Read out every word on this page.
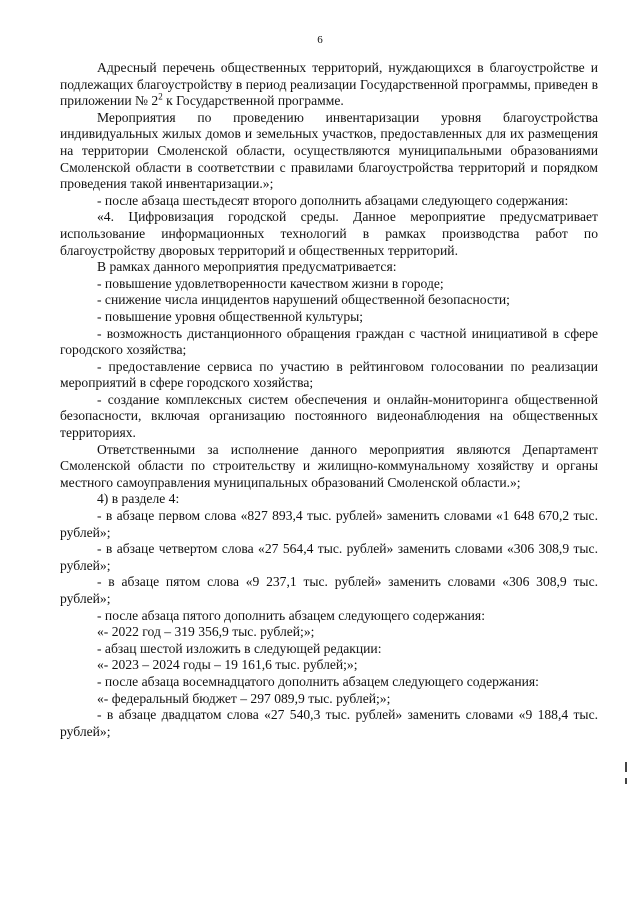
6

Адресный перечень общественных территорий, нуждающихся в благоустройстве и подлежащих благоустройству в период реализации Государственной программы, приведен в приложении № $2^2$ к Государственной программе.

Мероприятия по проведению инвентаризации уровня благоустройства индивидуальных жилых домов и земельных участков, предоставленных для их размещения на территории Смоленской области, осуществляются муниципальными образованиями Смоленской области в соответствии с правилами благоустройства территорий и порядком проведения такой инвентаризации.»;

- после абзаца шестьдесят второго дополнить абзацами следующего содержания:

«4. Цифровизация городской среды. Данное мероприятие предусматривает использование информационных технологий в рамках производства работ по благоустройству дворовых территорий и общественных территорий.

В рамках данного мероприятия предусматривается:

- повышение удовлетворенности качеством жизни в городе;

- снижение числа инцидентов нарушений общественной безопасности;

- повышение уровня общественной культуры;

- возможность дистанционного обращения граждан с частной инициативой в сфере городского хозяйства;

- предоставление сервиса по участию в рейтинговом голосовании по реализации мероприятий в сфере городского хозяйства;

- создание комплексных систем обеспечения и онлайн-мониторинга общественной безопасности, включая организацию постоянного видеонаблюдения на общественных территориях.

Ответственными за исполнение данного мероприятия являются Департамент Смоленской области по строительству и жилищно-коммунальному хозяйству и органы местного самоуправления муниципальных образований Смоленской области.»;

4) в разделе 4:

- в абзаце первом слова «827 893,4 тыс. рублей» заменить словами «1 648 670,2 тыс. рублей»;

- в абзаце четвертом слова «27 564,4 тыс. рублей» заменить словами «306 308,9 тыс. рублей»;

- в абзаце пятом слова «9 237,1 тыс. рублей» заменить словами «306 308,9 тыс. рублей»;

- после абзаца пятого дополнить абзацем следующего содержания:

«- 2022 год – 319 356,9 тыс. рублей;»;

- абзац шестой изложить в следующей редакции:

«- 2023 – 2024 годы – 19 161,6 тыс. рублей;»;

- после абзаца восемнадцатого дополнить абзацем следующего содержания:

«- федеральный бюджет – 297 089,9 тыс. рублей;»;

- в абзаце двадцатом слова «27 540,3 тыс. рублей» заменить словами «9 188,4 тыс. рублей»;
